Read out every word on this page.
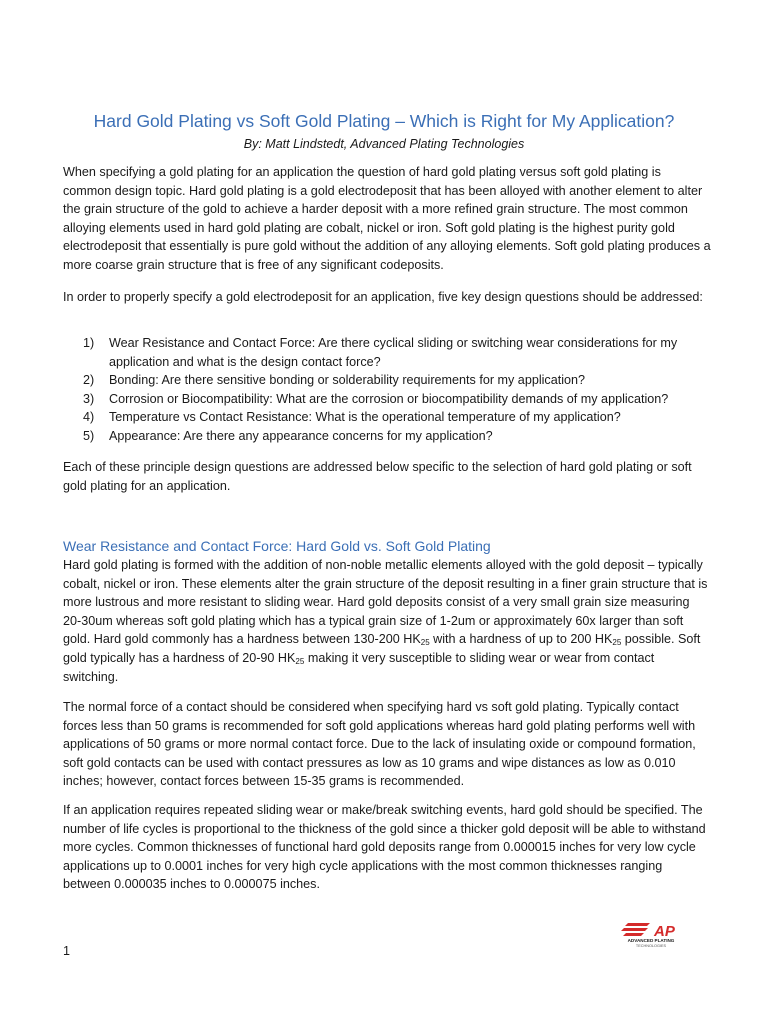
Hard Gold Plating vs Soft Gold Plating – Which is Right for My Application?
By: Matt Lindstedt, Advanced Plating Technologies

When specifying a gold plating for an application the question of hard gold plating versus soft gold plating is common design topic. Hard gold plating is a gold electrodeposit that has been alloyed with another element to alter the grain structure of the gold to achieve a harder deposit with a more refined grain structure. The most common alloying elements used in hard gold plating are cobalt, nickel or iron. Soft gold plating is the highest purity gold electrodeposit that essentially is pure gold without the addition of any alloying elements. Soft gold plating produces a more coarse grain structure that is free of any significant codeposits.

In order to properly specify a gold electrodeposit for an application, five key design questions should be addressed:

1) Wear Resistance and Contact Force: Are there cyclical sliding or switching wear considerations for my application and what is the design contact force?
2) Bonding: Are there sensitive bonding or solderability requirements for my application?
3) Corrosion or Biocompatibility: What are the corrosion or biocompatibility demands of my application?
4) Temperature vs Contact Resistance: What is the operational temperature of my application?
5) Appearance: Are there any appearance concerns for my application?

Each of these principle design questions are addressed below specific to the selection of hard gold plating or soft gold plating for an application.

Wear Resistance and Contact Force: Hard Gold vs. Soft Gold Plating

Hard gold plating is formed with the addition of non-noble metallic elements alloyed with the gold deposit – typically cobalt, nickel or iron. These elements alter the grain structure of the deposit resulting in a finer grain structure that is more lustrous and more resistant to sliding wear. Hard gold deposits consist of a very small grain size measuring 20-30um whereas soft gold plating which has a typical grain size of 1-2um or approximately 60x larger than soft gold. Hard gold commonly has a hardness between 130-200 $HK_{25}$ with a hardness of up to 200 $HK_{25}$ possible. Soft gold typically has a hardness of 20-90 $HK_{25}$ making it very susceptible to sliding wear or wear from contact switching.

The normal force of a contact should be considered when specifying hard vs soft gold plating. Typically contact forces less than 50 grams is recommended for soft gold applications whereas hard gold plating performs well with applications of 50 grams or more normal contact force. Due to the lack of insulating oxide or compound formation, soft gold contacts can be used with contact pressures as low as 10 grams and wipe distances as low as 0.010 inches; however, contact forces between 15-35 grams is recommended.

If an application requires repeated sliding wear or make/break switching events, hard gold should be specified. The number of life cycles is proportional to the thickness of the gold since a thicker gold deposit will be able to withstand more cycles. Common thicknesses of functional hard gold deposits range from 0.000015 inches for very low cycle applications up to 0.0001 inches for very high cycle applications with the most common thicknesses ranging between 0.000035 inches to 0.000075 inches.

1
AP
ADVANCED PLATING
TECHNOLOGIES
